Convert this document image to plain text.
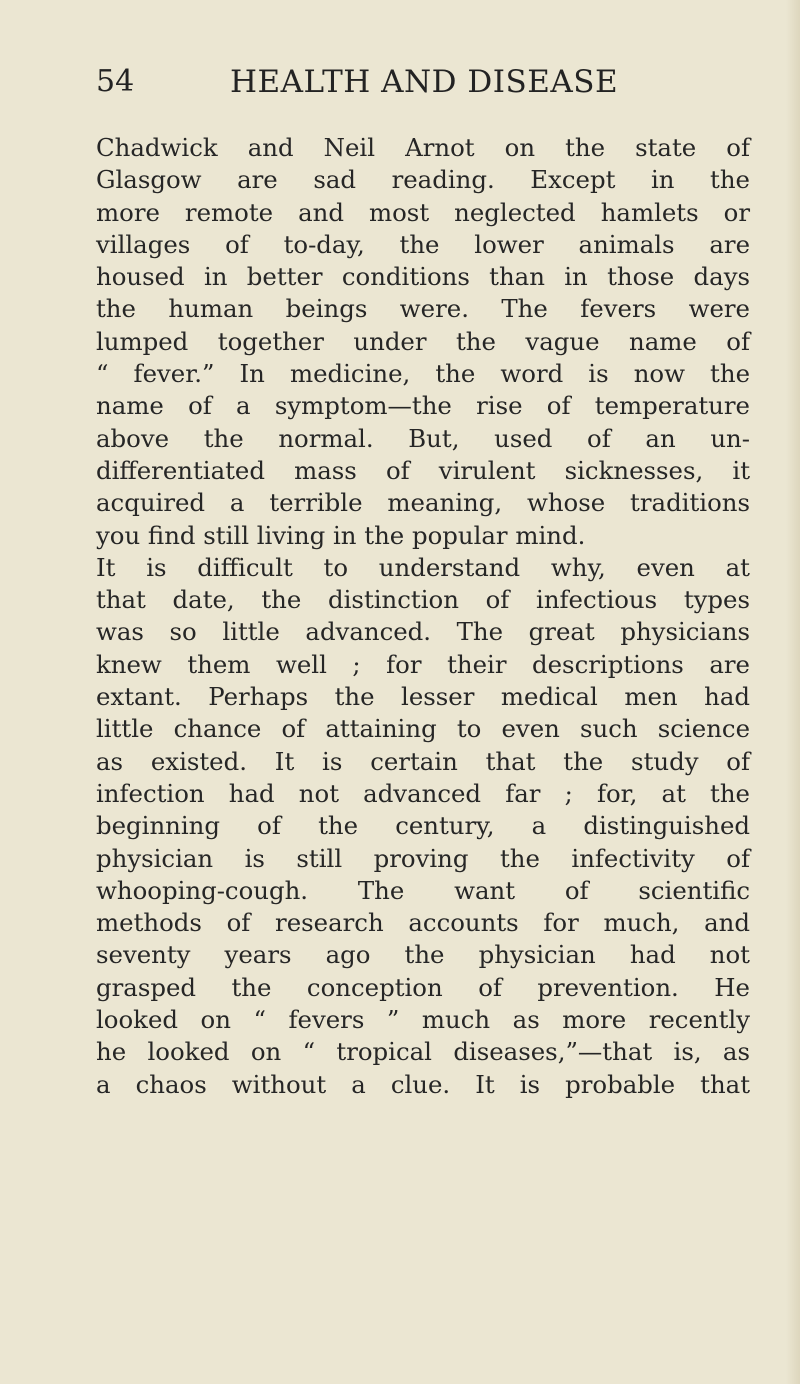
54	HEALTH AND DISEASE
Chadwick and Neil Arnot on the state of
Glasgow are sad reading. Except in the
more remote and most neglected hamlets or
villages of to-day, the lower animals are
housed in better conditions than in those days
the human beings were. The fevers were
lumped together under the vague name of
“ fever.” In medicine, the word is now the
name of a symptom—the rise of temperature
above the normal. But, used of an un-
differentiated mass of virulent sicknesses, it
acquired a terrible meaning, whose traditions
you find still living in the popular mind.
It is difficult to understand why, even at
that date, the distinction of infectious types
was so little advanced. The great physicians
knew them well ; for their descriptions are
extant. Perhaps the lesser medical men had
little chance of attaining to even such science
as existed. It is certain that the study of
infection had not advanced far ; for, at the
beginning of the century, a distinguished
physician is still proving the infectivity of
whooping-cough. The want of scientific
methods of research accounts for much, and
seventy years ago the physician had not
grasped the conception of prevention. He
looked on “ fevers ” much as more recently
he looked on “ tropical diseases,”—that is, as
a chaos without a clue. It is probable that
